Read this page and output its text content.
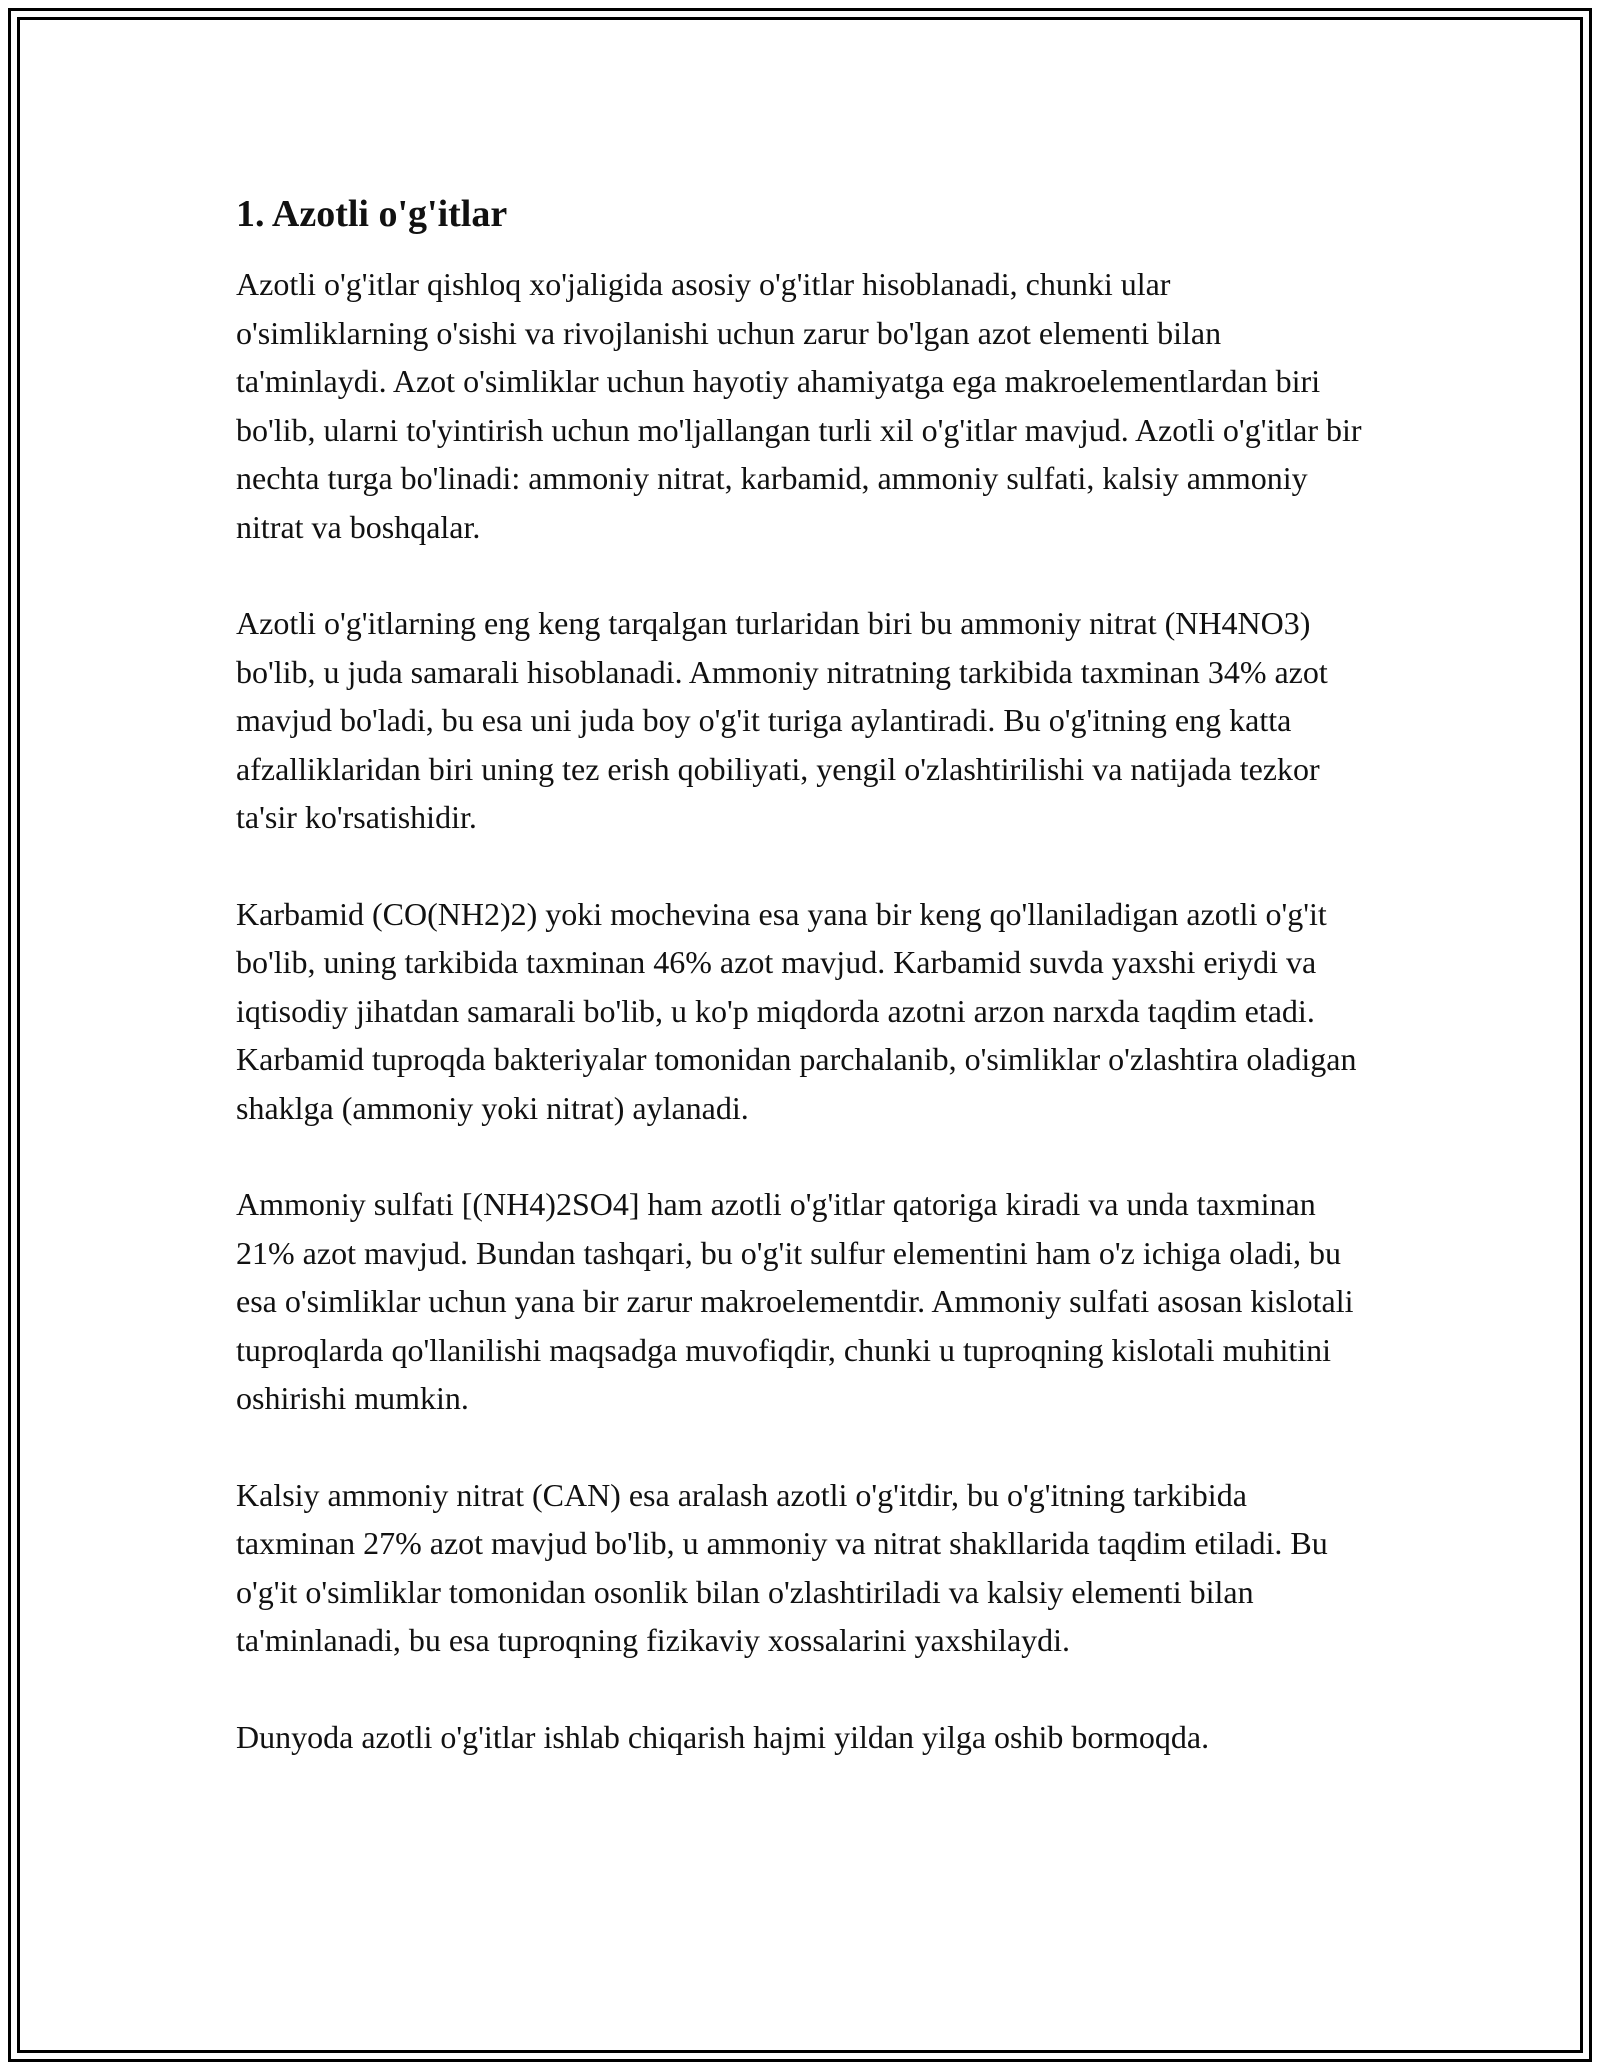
1. Azotli o'g'itlar

Azotli o'g'itlar qishloq xo'jaligida asosiy o'g'itlar hisoblanadi, chunki ular o'simliklarning o'sishi va rivojlanishi uchun zarur bo'lgan azot elementi bilan ta'minlaydi. Azot o'simliklar uchun hayotiy ahamiyatga ega makroelementlardan biri bo'lib, ularni to'yintirish uchun mo'ljallangan turli xil o'g'itlar mavjud. Azotli o'g'itlar bir nechta turga bo'linadi: ammoniy nitrat, karbamid, ammoniy sulfati, kalsiy ammoniy nitrat va boshqalar.

Azotli o'g'itlarning eng keng tarqalgan turlaridan biri bu ammoniy nitrat (NH4NO3) bo'lib, u juda samarali hisoblanadi. Ammoniy nitratning tarkibida taxminan 34% azot mavjud bo'ladi, bu esa uni juda boy o'g'it turiga aylantiradi. Bu o'g'itning eng katta afzalliklaridan biri uning tez erish qobiliyati, yengil o'zlashtirilishi va natijada tezkor ta'sir ko'rsatishidir.

Karbamid (CO(NH2)2) yoki mochevina esa yana bir keng qo'llaniladigan azotli o'g'it bo'lib, uning tarkibida taxminan 46% azot mavjud. Karbamid suvda yaxshi eriydi va iqtisodiy jihatdan samarali bo'lib, u ko'p miqdorda azotni arzon narxda taqdim etadi. Karbamid tuproqda bakteriyalar tomonidan parchalanib, o'simliklar o'zlashtira oladigan shaklga (ammoniy yoki nitrat) aylanadi.

Ammoniy sulfati [(NH4)2SO4] ham azotli o'g'itlar qatoriga kiradi va unda taxminan 21% azot mavjud. Bundan tashqari, bu o'g'it sulfur elementini ham o'z ichiga oladi, bu esa o'simliklar uchun yana bir zarur makroelementdir. Ammoniy sulfati asosan kislotali tuproqlarda qo'llanilishi maqsadga muvofiqdir, chunki u tuproqning kislotali muhitini oshirishi mumkin.

Kalsiy ammoniy nitrat (CAN) esa aralash azotli o'g'itdir, bu o'g'itning tarkibida taxminan 27% azot mavjud bo'lib, u ammoniy va nitrat shakllarida taqdim etiladi. Bu o'g'it o'simliklar tomonidan osonlik bilan o'zlashtiriladi va kalsiy elementi bilan ta'minlanadi, bu esa tuproqning fizikaviy xossalarini yaxshilaydi.

Dunyoda azotli o'g'itlar ishlab chiqarish hajmi yildan yilga oshib bormoqda.
